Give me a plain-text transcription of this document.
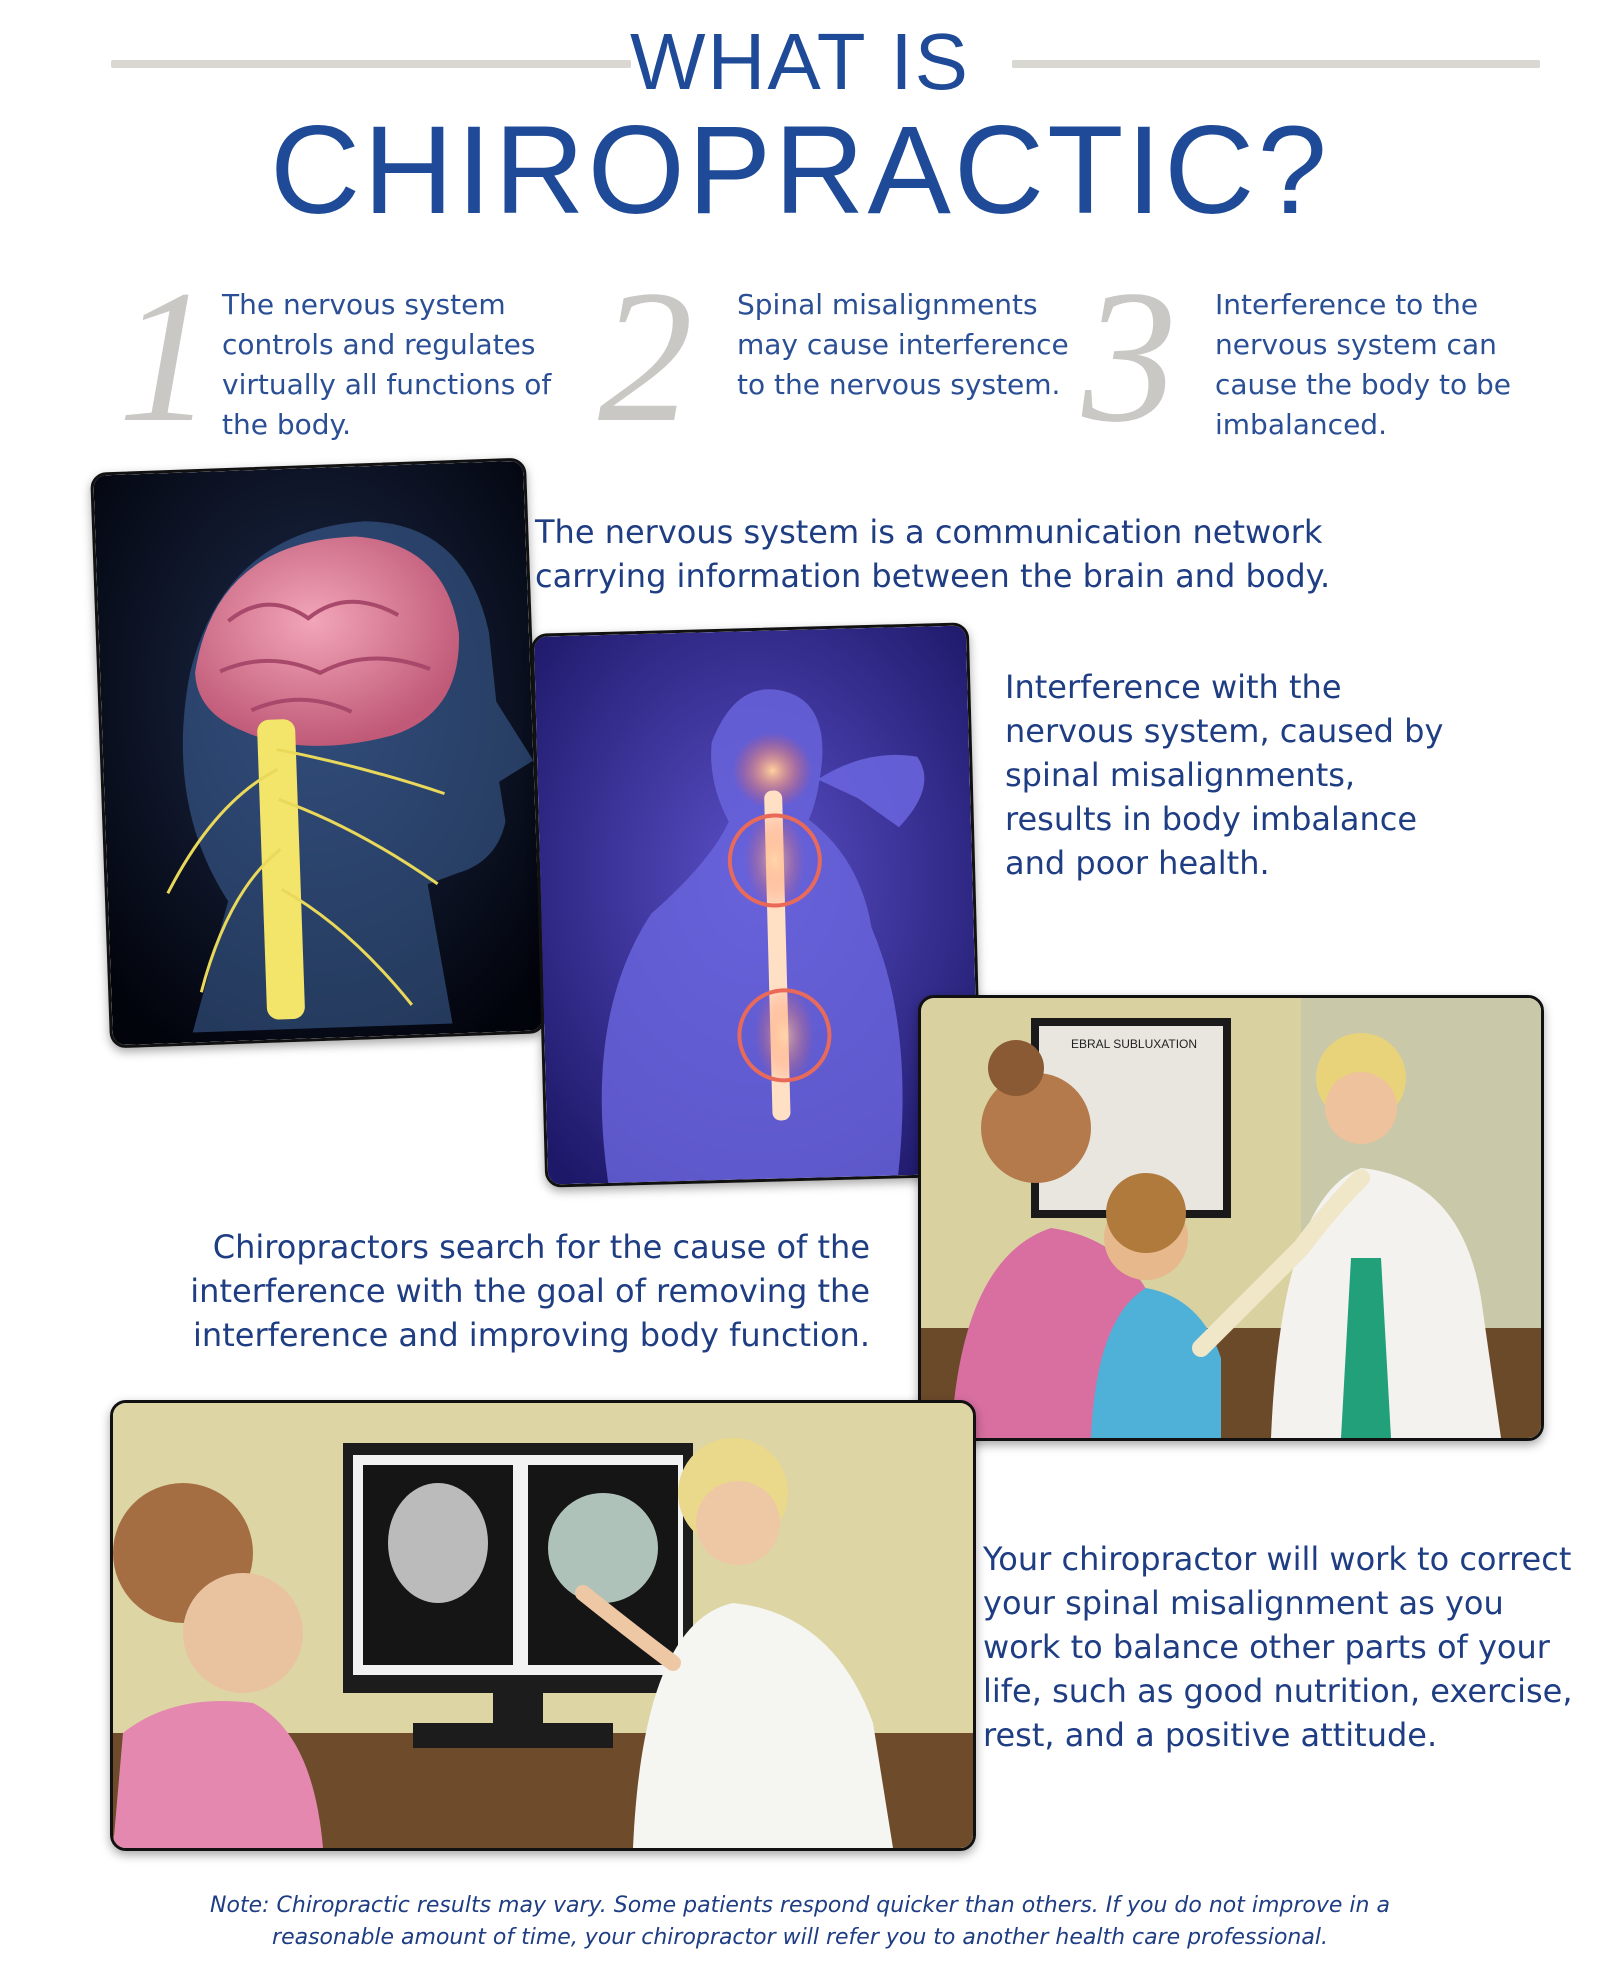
WHAT IS
CHIROPRACTIC?
1 The nervous system controls and regulates virtually all functions of the body.	2 Spinal misalignments may cause interference to the nervous system. 3 Interference to the nervous system can cause the body to be imbalanced.
The nervous system is a communication network carrying information between the brain and body.
Interference with the nervous system, caused by spinal misalignments, results in body imbalance and poor health.
EBRAL SUBLUXATION
Chiropractors search for the cause of the interference with the goal of removing the interference and improving body function.
Your chiropractor will work to correct your spinal misalignment as you work to balance other parts of your life, such as good nutrition, exercise, rest, and a positive attitude.
Note: Chiropractic results may vary. Some patients respond quicker than others. If you do not improve in a reasonable amount of time, your chiropractor will refer you to another health care professional.
